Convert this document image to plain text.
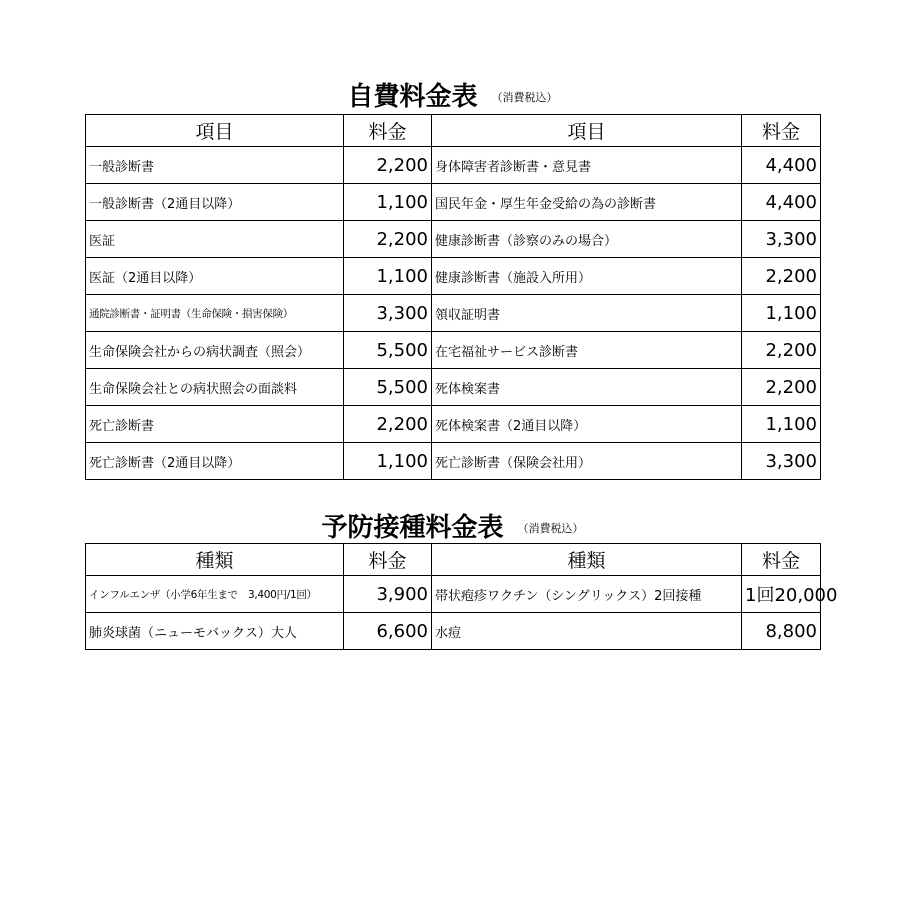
自費料金表 （消費税込）
項目	料金	項目	料金
一般診断書	2,200	身体障害者診断書・意見書	4,400
一般診断書（2通目以降）	1,100	国民年金・厚生年金受給の為の診断書	4,400
医証	2,200	健康診断書（診察のみの場合）	3,300
医証（2通目以降）	1,100	健康診断書（施設入所用）	2,200
通院診断書・証明書（生命保険・損害保険）	3,300	領収証明書	1,100
生命保険会社からの病状調査（照会）	5,500	在宅福祉サービス診断書	2,200
生命保険会社との病状照会の面談料	5,500	死体検案書	2,200
死亡診断書	2,200	死体検案書（2通目以降）	1,100
死亡診断書（2通目以降）	1,100	死亡診断書（保険会社用）	3,300
予防接種料金表 （消費税込）
種類	料金	種類	料金
インフルエンザ（小学6年生まで　3,400円/1回）	3,900	帯状疱疹ワクチン（シングリックス）2回接種	1回20,000
肺炎球菌（ニューモバックス）大人	6,600	水痘	8,800
